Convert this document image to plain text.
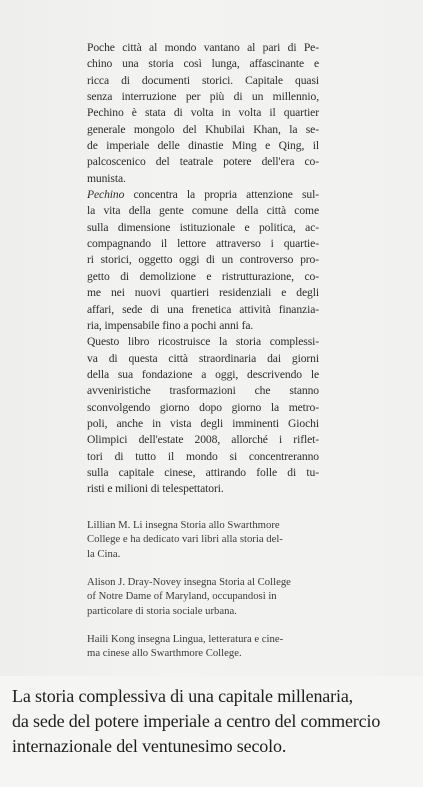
Poche città al mondo vantano al pari di Pe-
chino una storia così lunga, affascinante e
ricca di documenti storici. Capitale quasi
senza interruzione per più di un millennio,
Pechino è stata di volta in volta il quartier
generale mongolo del Khubilai Khan, la se-
de imperiale delle dinastie Ming e Qing, il
palcoscenico del teatrale potere dell'era co-
munista.

Pechino concentra la propria attenzione sul-
la vita della gente comune della città come
sulla dimensione istituzionale e politica, ac-
compagnando il lettore attraverso i quartie-
ri storici, oggetto oggi di un controverso pro-
getto di demolizione e ristrutturazione, co-
me nei nuovi quartieri residenziali e degli
affari, sede di una frenetica attività finanzia-
ria, impensabile fino a pochi anni fa.

Questo libro ricostruisce la storia complessi-
va di questa città straordinaria dai giorni
della sua fondazione a oggi, descrivendo le
avveniristiche trasformazioni che stanno
sconvolgendo giorno dopo giorno la metro-
poli, anche in vista degli imminenti Giochi
Olimpici dell'estate 2008, allorché i riflet-
tori di tutto il mondo si concentreranno
sulla capitale cinese, attirando folle di tu-
risti e milioni di telespettatori.

Lillian M. Li insegna Storia allo Swarthmore
College e ha dedicato vari libri alla storia del-
la Cina.
Alison J. Dray-Novey insegna Storia al College
of Notre Dame of Maryland, occupandosi in
particolare di storia sociale urbana.
Haili Kong insegna Lingua, letteratura e cine-
ma cinese allo Swarthmore College.
La storia complessiva di una capitale millenaria,
da sede del potere imperiale a centro del commercio
internazionale del ventunesimo secolo.
